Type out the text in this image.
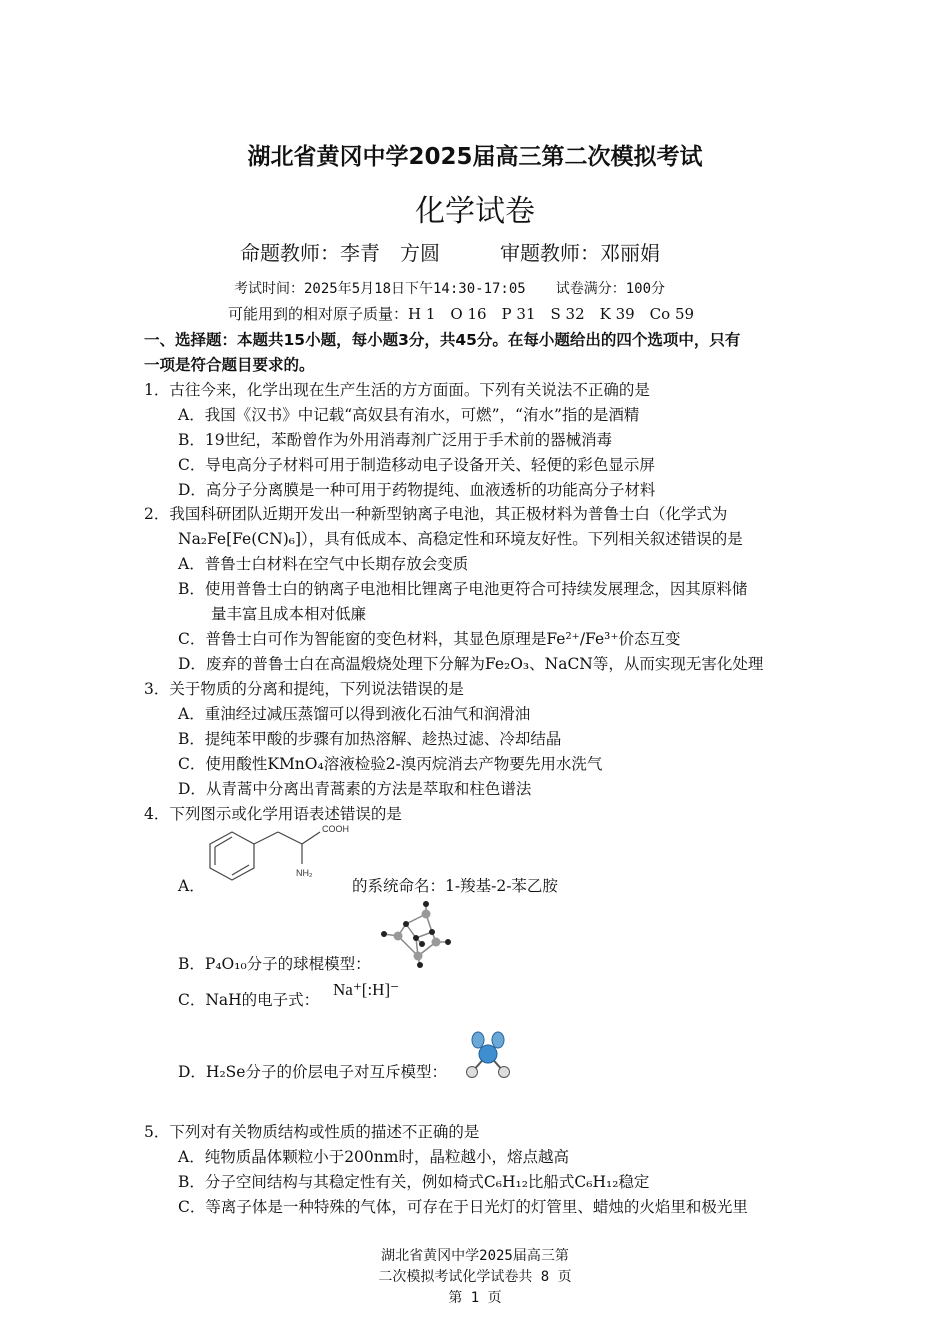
湖北省黄冈中学2025届高三第二次模拟考试
化学试卷
命题教师：李青　方圆	审题教师：邓丽娟
考试时间：2025年5月18日下午14:30-17:05 试卷满分：100分
可能用到的相对原子质量：H 1　O 16　P 31　S 32　K 39　Co 59
一、选择题：本题共15小题，每小题3分，共45分。在每小题给出的四个选项中，只有
一项是符合题目要求的。
1．古往今来，化学出现在生产生活的方方面面。下列有关说法不正确的是
A．我国《汉书》中记载“高奴县有洧水，可燃”，“洧水”指的是酒精
B．19世纪，苯酚曾作为外用消毒剂广泛用于手术前的器械消毒
C．导电高分子材料可用于制造移动电子设备开关、轻便的彩色显示屏
D．高分子分离膜是一种可用于药物提纯、血液透析的功能高分子材料
2．我国科研团队近期开发出一种新型钠离子电池，其正极材料为普鲁士白（化学式为
Na₂Fe[Fe(CN)₆]），具有低成本、高稳定性和环境友好性。下列相关叙述错误的是
A．普鲁士白材料在空气中长期存放会变质
B．使用普鲁士白的钠离子电池相比锂离子电池更符合可持续发展理念，因其原料储
量丰富且成本相对低廉
C．普鲁士白可作为智能窗的变色材料，其显色原理是Fe²⁺/Fe³⁺价态互变
D．废弃的普鲁士白在高温煅烧处理下分解为Fe₂O₃、NaCN等，从而实现无害化处理
3．关于物质的分离和提纯，下列说法错误的是
A．重油经过减压蒸馏可以得到液化石油气和润滑油
B．提纯苯甲酸的步骤有加热溶解、趁热过滤、冷却结晶
C．使用酸性KMnO₄溶液检验2-溴丙烷消去产物要先用水洗气
D．从青蒿中分离出青蒿素的方法是萃取和柱色谱法
4．下列图示或化学用语表述错误的是
A．
COOH
NH₂
的系统命名：1-羧基-2-苯乙胺
B．P₄O₁₀分子的球棍模型：
C．NaH的电子式：
Na⁺[:H]⁻
D．H₂Se分子的价层电子对互斥模型：
5．下列对有关物质结构或性质的描述不正确的是
A．纯物质晶体颗粒小于200nm时，晶粒越小，熔点越高
B．分子空间结构与其稳定性有关，例如椅式C₆H₁₂比船式C₆H₁₂稳定
C．等离子体是一种特殊的气体，可存在于日光灯的灯管里、蜡烛的火焰里和极光里
湖北省黄冈中学2025届高三第
二次模拟考试化学试卷共 8 页
第 1 页
